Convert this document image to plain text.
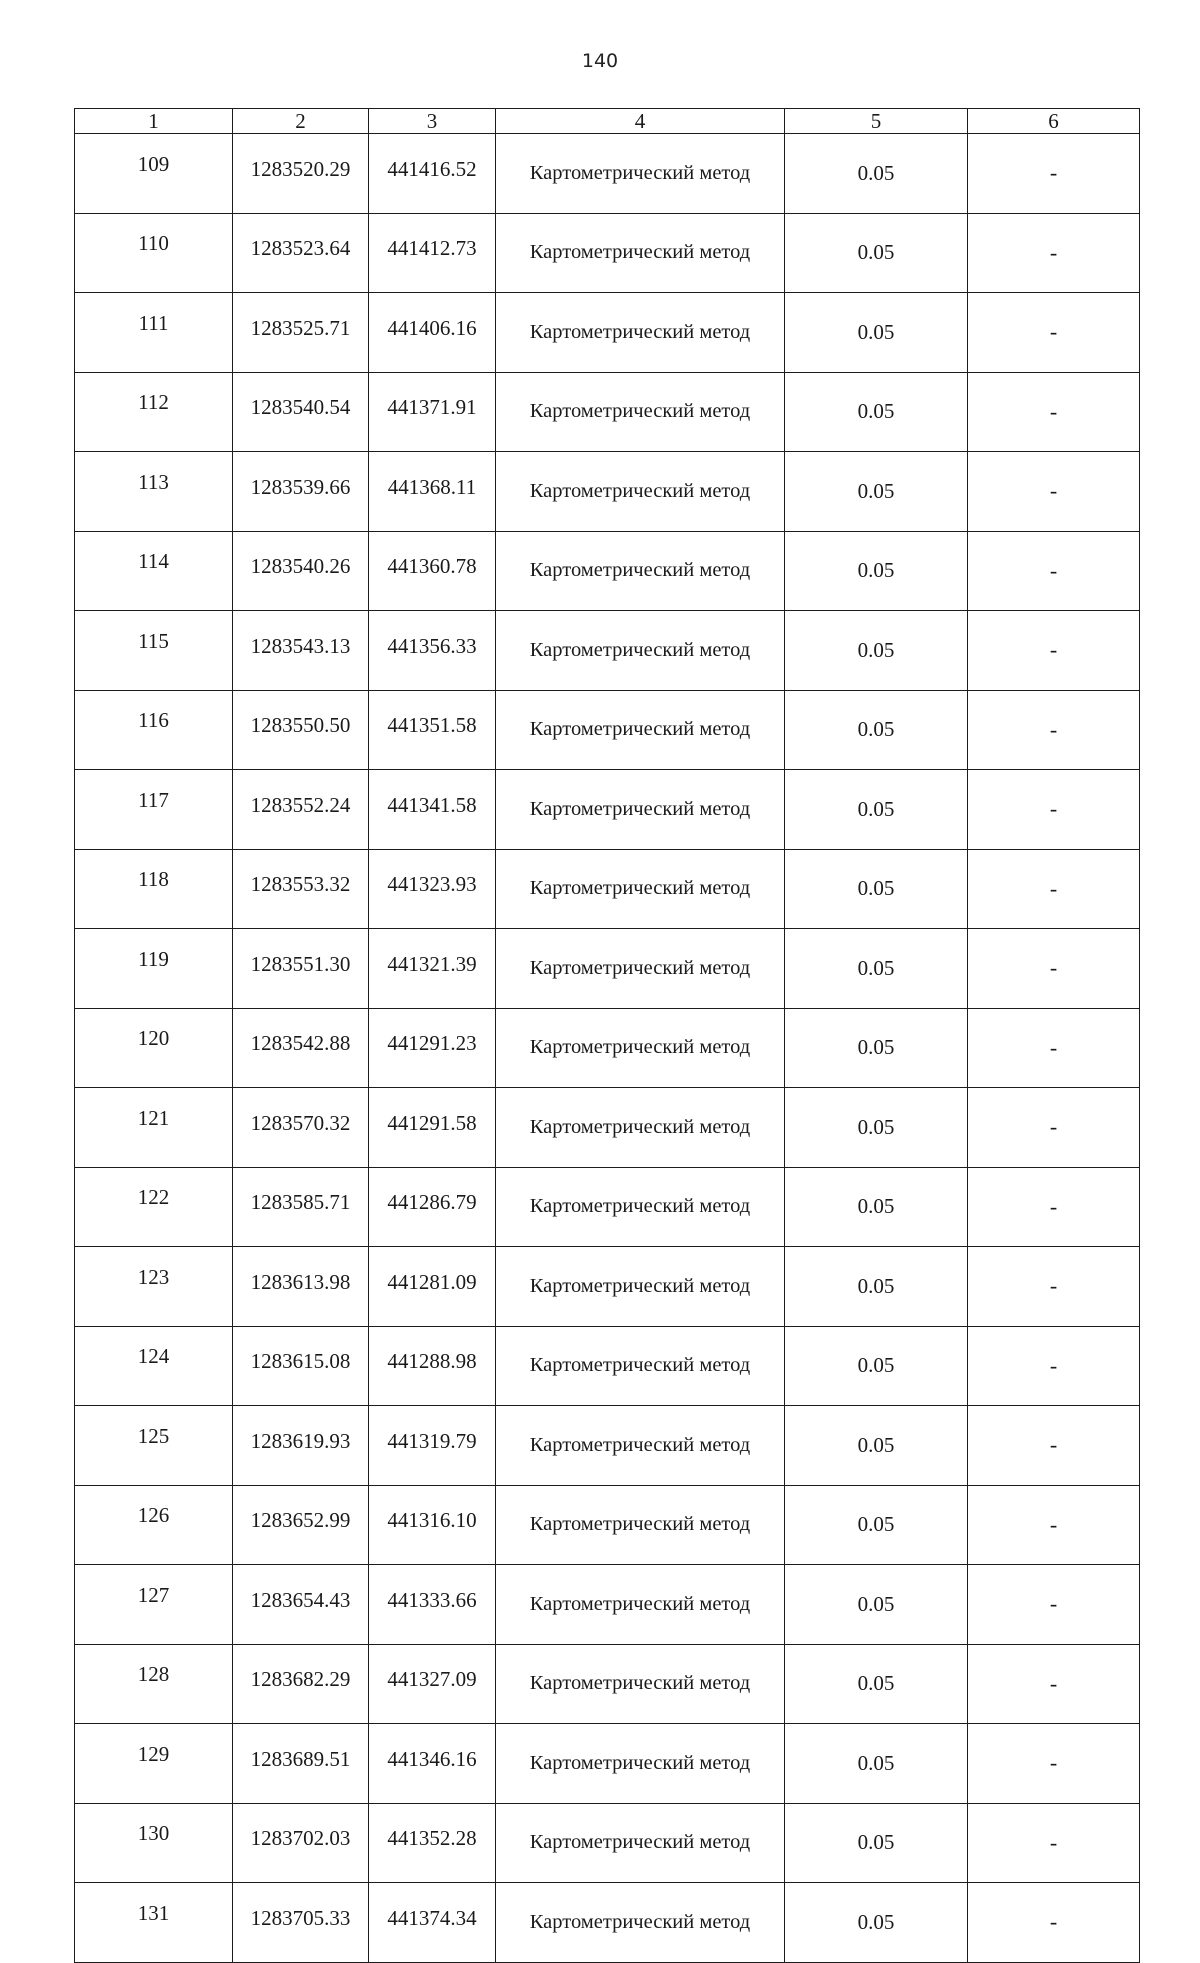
140
1	2	3	4	5	6
109	1283520.29	441416.52	Картометрический метод	0.05	-
110	1283523.64	441412.73	Картометрический метод	0.05	-
111	1283525.71	441406.16	Картометрический метод	0.05	-
112	1283540.54	441371.91	Картометрический метод	0.05	-
113	1283539.66	441368.11	Картометрический метод	0.05	-
114	1283540.26	441360.78	Картометрический метод	0.05	-
115	1283543.13	441356.33	Картометрический метод	0.05	-
116	1283550.50	441351.58	Картометрический метод	0.05	-
117	1283552.24	441341.58	Картометрический метод	0.05	-
118	1283553.32	441323.93	Картометрический метод	0.05	-
119	1283551.30	441321.39	Картометрический метод	0.05	-
120	1283542.88	441291.23	Картометрический метод	0.05	-
121	1283570.32	441291.58	Картометрический метод	0.05	-
122	1283585.71	441286.79	Картометрический метод	0.05	-
123	1283613.98	441281.09	Картометрический метод	0.05	-
124	1283615.08	441288.98	Картометрический метод	0.05	-
125	1283619.93	441319.79	Картометрический метод	0.05	-
126	1283652.99	441316.10	Картометрический метод	0.05	-
127	1283654.43	441333.66	Картометрический метод	0.05	-
128	1283682.29	441327.09	Картометрический метод	0.05	-
129	1283689.51	441346.16	Картометрический метод	0.05	-
130	1283702.03	441352.28	Картометрический метод	0.05	-
131	1283705.33	441374.34	Картометрический метод	0.05	-
